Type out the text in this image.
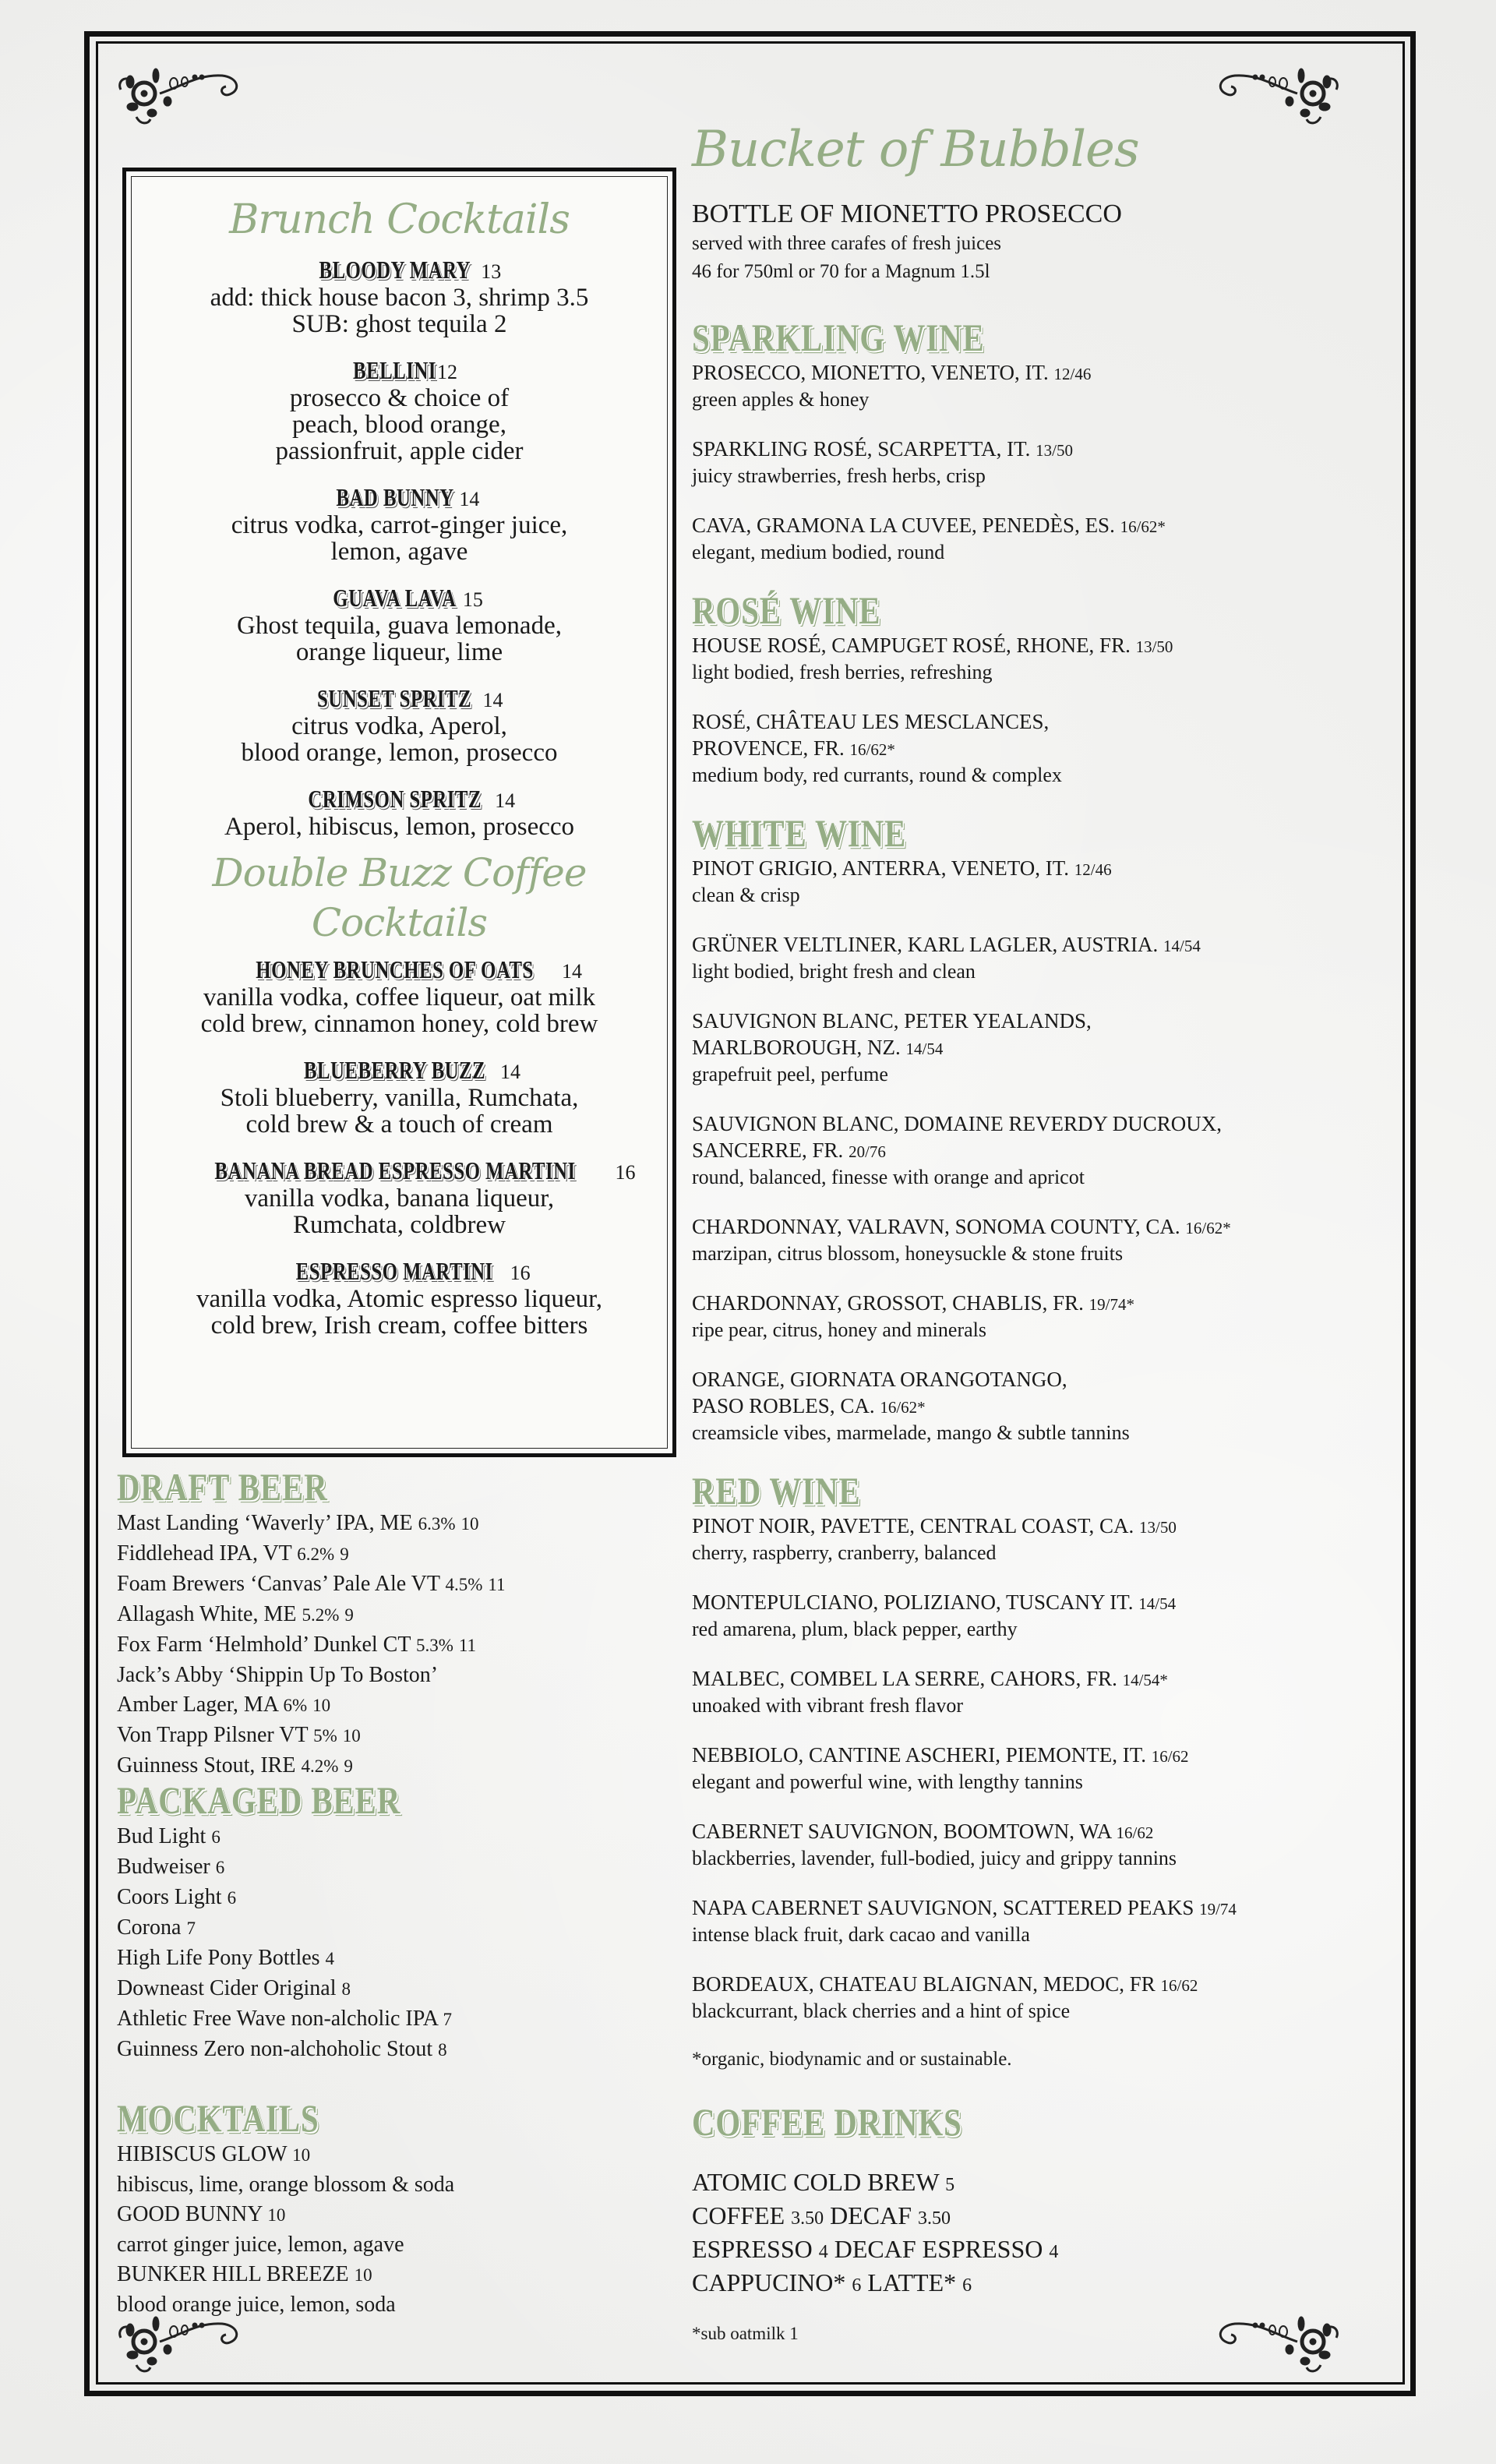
Brunch Cocktails
BLOODY MARY 13
add: thick house bacon 3, shrimp 3.5
SUB: ghost tequila 2
BELLINI12
prosecco & choice of
peach, blood orange,
passionfruit, apple cider
BAD BUNNY 14
citrus vodka, carrot-ginger juice,
lemon, agave
GUAVA LAVA 15
Ghost tequila, guava lemonade,
orange liqueur, lime
SUNSET SPRITZ 14
citrus vodka, Aperol,
blood orange, lemon, prosecco
CRIMSON SPRITZ 14
Aperol, hibiscus, lemon, prosecco
Double Buzz Coffee Cocktails
HONEY BRUNCHES OF OATS 14
vanilla vodka, coffee liqueur, oat milk
cold brew, cinnamon honey, cold brew
BLUEBERRY BUZZ 14
Stoli blueberry, vanilla, Rumchata,
cold brew & a touch of cream
BANANA BREAD ESPRESSO MARTINI 16
vanilla vodka, banana liqueur,
Rumchata, coldbrew
ESPRESSO MARTINI 16
vanilla vodka, Atomic espresso liqueur,
cold brew, Irish cream, coffee bitters
DRAFT BEER
Mast Landing ‘Waverly’ IPA, ME 6.3% 10
Fiddlehead IPA, VT 6.2% 9
Foam Brewers ‘Canvas’ Pale Ale VT 4.5% 11
Allagash White, ME 5.2% 9
Fox Farm ‘Helmhold’ Dunkel CT 5.3% 11
Jack’s Abby ‘Shippin Up To Boston’
Amber Lager, MA 6% 10
Von Trapp Pilsner VT 5% 10
Guinness Stout, IRE 4.2% 9
PACKAGED BEER
Bud Light 6
Budweiser 6
Coors Light 6
Corona 7
High Life Pony Bottles 4
Downeast Cider Original 8
Athletic Free Wave non-alcholic IPA 7
Guinness Zero non-alchoholic Stout 8
MOCKTAILS
HIBISCUS GLOW 10
hibiscus, lime, orange blossom & soda
GOOD BUNNY 10
carrot ginger juice, lemon, agave
BUNKER HILL BREEZE 10
blood orange juice, lemon, soda
Bucket of Bubbles
BOTTLE OF MIONETTO PROSECCO
served with three carafes of fresh juices
46 for 750ml or 70 for a Magnum 1.5l
SPARKLING WINE
PROSECCO, MIONETTO, VENETO, IT. 12/46
green apples & honey
SPARKLING ROSÉ, SCARPETTA, IT. 13/50
juicy strawberries, fresh herbs, crisp
CAVA, GRAMONA LA CUVEE, PENEDÈS, ES. 16/62*
elegant, medium bodied, round
ROSÉ WINE
HOUSE ROSÉ, CAMPUGET ROSÉ, RHONE, FR. 13/50
light bodied, fresh berries, refreshing
ROSÉ, CHÂTEAU LES MESCLANCES,
PROVENCE, FR. 16/62*
medium body, red currants, round & complex
WHITE WINE
PINOT GRIGIO, ANTERRA, VENETO, IT. 12/46
clean & crisp
GRÜNER VELTLINER, KARL LAGLER, AUSTRIA. 14/54
light bodied, bright fresh and clean
SAUVIGNON BLANC, PETER YEALANDS,
MARLBOROUGH, NZ. 14/54
grapefruit peel, perfume
SAUVIGNON BLANC, DOMAINE REVERDY DUCROUX,
SANCERRE, FR. 20/76
round, balanced, finesse with orange and apricot
CHARDONNAY, VALRAVN, SONOMA COUNTY, CA. 16/62*
marzipan, citrus blossom, honeysuckle & stone fruits
CHARDONNAY, GROSSOT, CHABLIS, FR. 19/74*
ripe pear, citrus, honey and minerals
ORANGE, GIORNATA ORANGOTANGO,
PASO ROBLES, CA. 16/62*
creamsicle vibes, marmelade, mango & subtle tannins
RED WINE
PINOT NOIR, PAVETTE, CENTRAL COAST, CA. 13/50
cherry, raspberry, cranberry, balanced
MONTEPULCIANO, POLIZIANO, TUSCANY IT. 14/54
red amarena, plum, black pepper, earthy
MALBEC, COMBEL LA SERRE, CAHORS, FR. 14/54*
unoaked with vibrant fresh flavor
NEBBIOLO, CANTINE ASCHERI, PIEMONTE, IT. 16/62
elegant and powerful wine, with lengthy tannins
CABERNET SAUVIGNON, BOOMTOWN, WA 16/62
blackberries, lavender, full-bodied, juicy and grippy tannins
NAPA CABERNET SAUVIGNON, SCATTERED PEAKS 19/74
intense black fruit, dark cacao and vanilla
BORDEAUX, CHATEAU BLAIGNAN, MEDOC, FR 16/62
blackcurrant, black cherries and a hint of spice
*organic, biodynamic and or sustainable.
COFFEE DRINKS
ATOMIC COLD BREW 5
COFFEE 3.50 DECAF 3.50
ESPRESSO 4 DECAF ESPRESSO 4
CAPPUCINO* 6 LATTE* 6
*sub oatmilk 1
